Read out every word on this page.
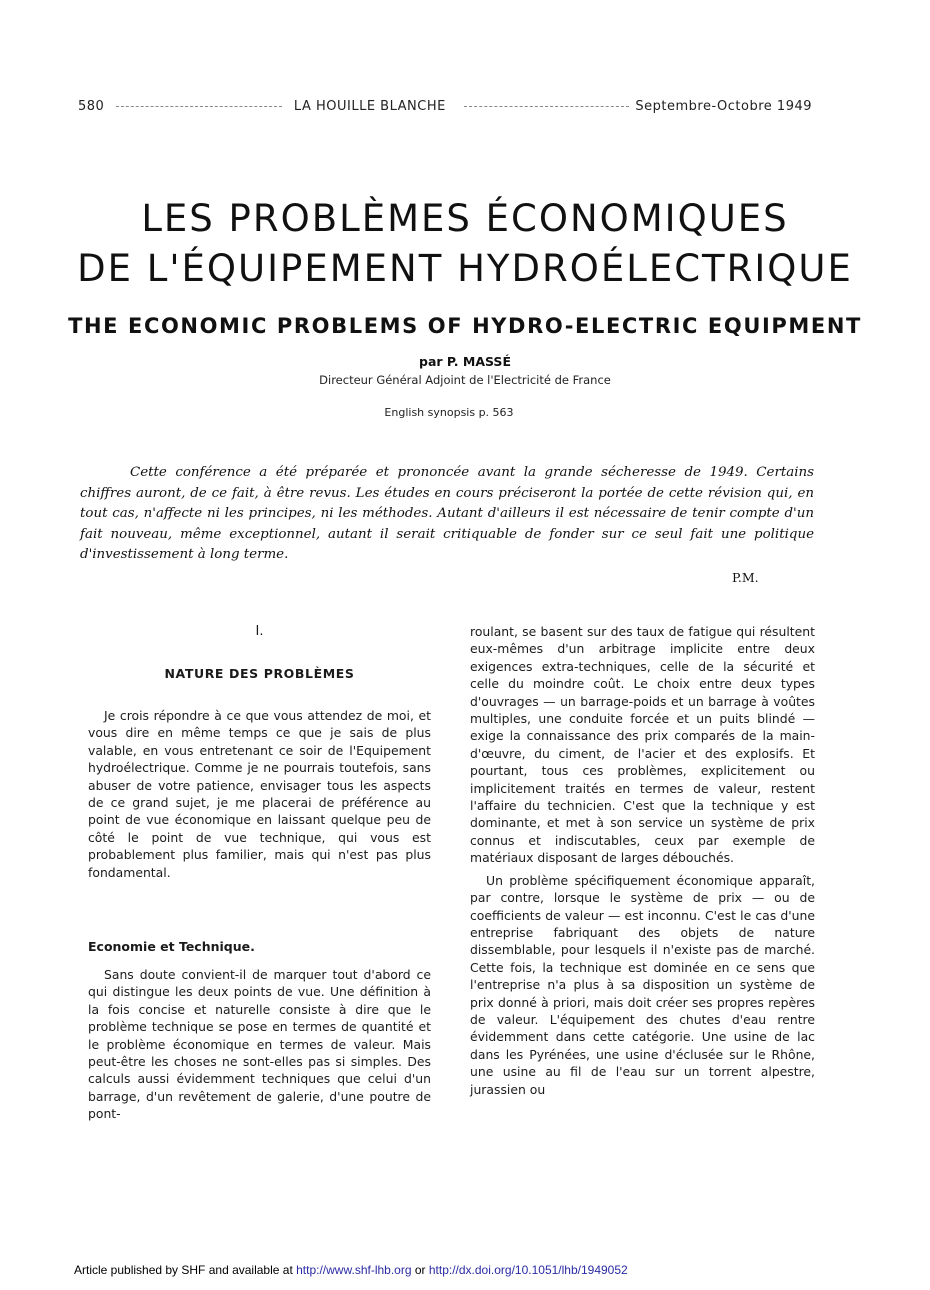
580	LA HOUILLE BLANCHE	Septembre-Octobre 1949
LES PROBLÈMES ÉCONOMIQUES
DE L'ÉQUIPEMENT HYDROÉLECTRIQUE
THE ECONOMIC PROBLEMS OF HYDRO-ELECTRIC EQUIPMENT
par P. MASSÉ
Directeur Général Adjoint de l'Electricité de France
English synopsis p. 563

Cette conférence a été préparée et prononcée avant la grande sécheresse de 1949. Certains chiffres auront, de ce fait, à être revus. Les études en cours préciseront la portée de cette révision qui, en tout cas, n'affecte ni les principes, ni les méthodes. Autant d'ailleurs il est nécessaire de tenir compte d'un fait nouveau, même exceptionnel, autant il serait critiquable de fonder sur ce seul fait une politique d'investissement à long terme.

P.M.
I.
NATURE DES PROBLÈMES

Je crois répondre à ce que vous attendez de moi, et vous dire en même temps ce que je sais de plus valable, en vous entretenant ce soir de l'Equipement hydroélectrique. Comme je ne pourrais toutefois, sans abuser de votre patience, envisager tous les aspects de ce grand sujet, je me placerai de préférence au point de vue économique en laissant quelque peu de côté le point de vue technique, qui vous est probablement plus familier, mais qui n'est pas plus fondamental.

Economie et Technique.

Sans doute convient-il de marquer tout d'abord ce qui distingue les deux points de vue. Une définition à la fois concise et naturelle consiste à dire que le problème technique se pose en termes de quantité et le problème économique en termes de valeur. Mais peut-être les choses ne sont-elles pas si simples. Des calculs aussi évidemment techniques que celui d'un barrage, d'un revêtement de galerie, d'une poutre de pont-

roulant, se basent sur des taux de fatigue qui résultent eux-mêmes d'un arbitrage implicite entre deux exigences extra-techniques, celle de la sécurité et celle du moindre coût. Le choix entre deux types d'ouvrages — un barrage-poids et un barrage à voûtes multiples, une conduite forcée et un puits blindé — exige la connaissance des prix comparés de la main-d'œuvre, du ciment, de l'acier et des explosifs. Et pourtant, tous ces problèmes, explicitement ou implicitement traités en termes de valeur, restent l'affaire du technicien. C'est que la technique y est dominante, et met à son service un système de prix connus et indiscutables, ceux par exemple de matériaux disposant de larges débouchés.

Un problème spécifiquement économique apparaît, par contre, lorsque le système de prix — ou de coefficients de valeur — est inconnu. C'est le cas d'une entreprise fabriquant des objets de nature dissemblable, pour lesquels il n'existe pas de marché. Cette fois, la technique est dominée en ce sens que l'entreprise n'a plus à sa disposition un système de prix donné à priori, mais doit créer ses propres repères de valeur. L'équipement des chutes d'eau rentre évidemment dans cette catégorie. Une usine de lac dans les Pyrénées, une usine d'éclusée sur le Rhône, une usine au fil de l'eau sur un torrent alpestre, jurassien ou

Article published by SHF and available at http://www.shf-lhb.org or http://dx.doi.org/10.1051/lhb/1949052
